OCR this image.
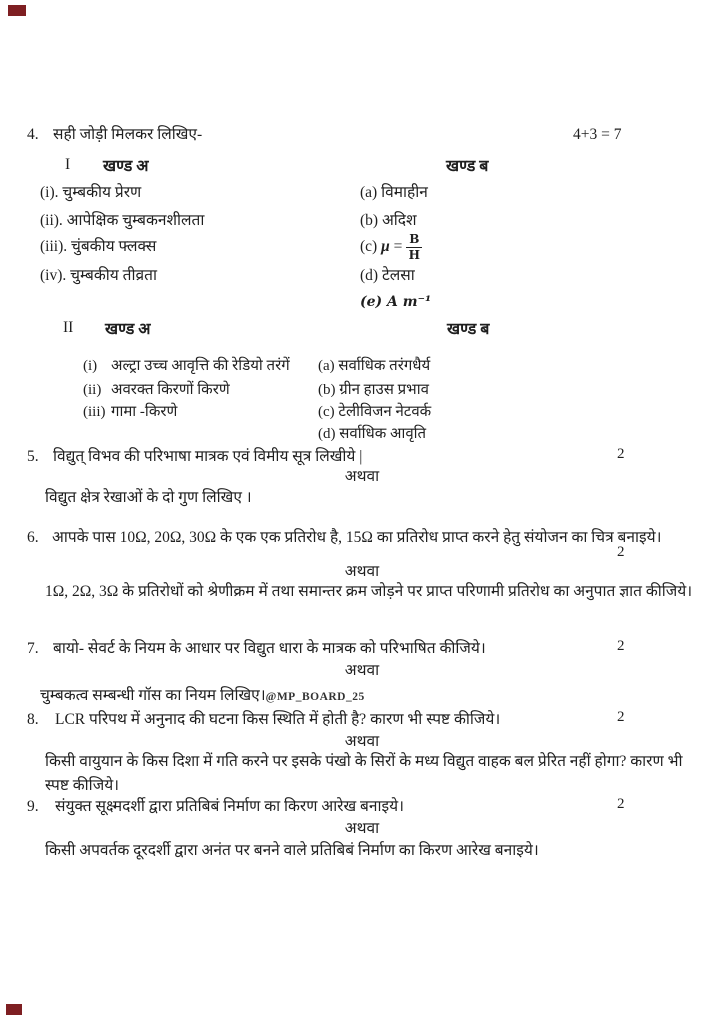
4. सही जोड़ी मिलकर लिखिए-	4+3 = 7
I खण्ड अ	खण्ड ब
(i). चुम्बकीय प्रेरण	(a) विमाहीन
(ii). आपेक्षिक चुम्बकनशीलता	(b) अदिश
(iii). चुंबकीय फ्लक्स	(c) $\mu = \frac{B}{H}$
(iv). चुम्बकीय तीव्रता	(d) टेलसा
(e) A m⁻¹
II खण्ड अ	खण्ड ब
(i) अल्ट्रा उच्च आवृत्ति की रेडियो तरंगें (a) सर्वाधिक तरंगधैर्य
(ii) अवरक्त किरणों किरणे	(b) ग्रीन हाउस प्रभाव
(iii) गामा -किरणे	(c) टेलीविजन नेटवर्क
(d) सर्वाधिक आवृति
5. विद्युत् विभव की परिभाषा मात्रक एवं विमीय सूत्र लिखीये |	2
अथवा
विद्युत क्षेत्र रेखाओं के दो गुण लिखिए ।
6. आपके पास 10Ω, 20Ω, 30Ω के एक एक प्रतिरोध है, 15Ω का प्रतिरोध प्राप्त करने हेतु संयोजन का चित्र बनाइये।
2
अथवा
1Ω, 2Ω, 3Ω के प्रतिरोधों को श्रेणीक्रम में तथा समान्तर क्रम जोड़ने पर प्राप्त परिणामी प्रतिरोध का अनुपात ज्ञात कीजिये।
7. बायो- सेवर्ट के नियम के आधार पर विद्युत धारा के मात्रक को परिभाषित कीजिये।	2
अथवा
चुम्बकत्व सम्बन्धी गॉस का नियम लिखिए।@MP_BOARD_25
8. LCR परिपथ में अनुनाद की घटना किस स्थिति में होती है? कारण भी स्पष्ट कीजिये।	2
अथवा
किसी वायुयान के किस दिशा में गति करने पर इसके पंखो के सिरों के मध्य विद्युत वाहक बल प्रेरित नहीं होगा? कारण भी स्पष्ट कीजिये।
9. संयुक्त सूक्ष्मदर्शी द्वारा प्रतिबिबं निर्माण का किरण आरेख बनाइये।	2
अथवा
किसी अपवर्तक दूरदर्शी द्वारा अनंत पर बनने वाले प्रतिबिबं निर्माण का किरण आरेख बनाइये।
